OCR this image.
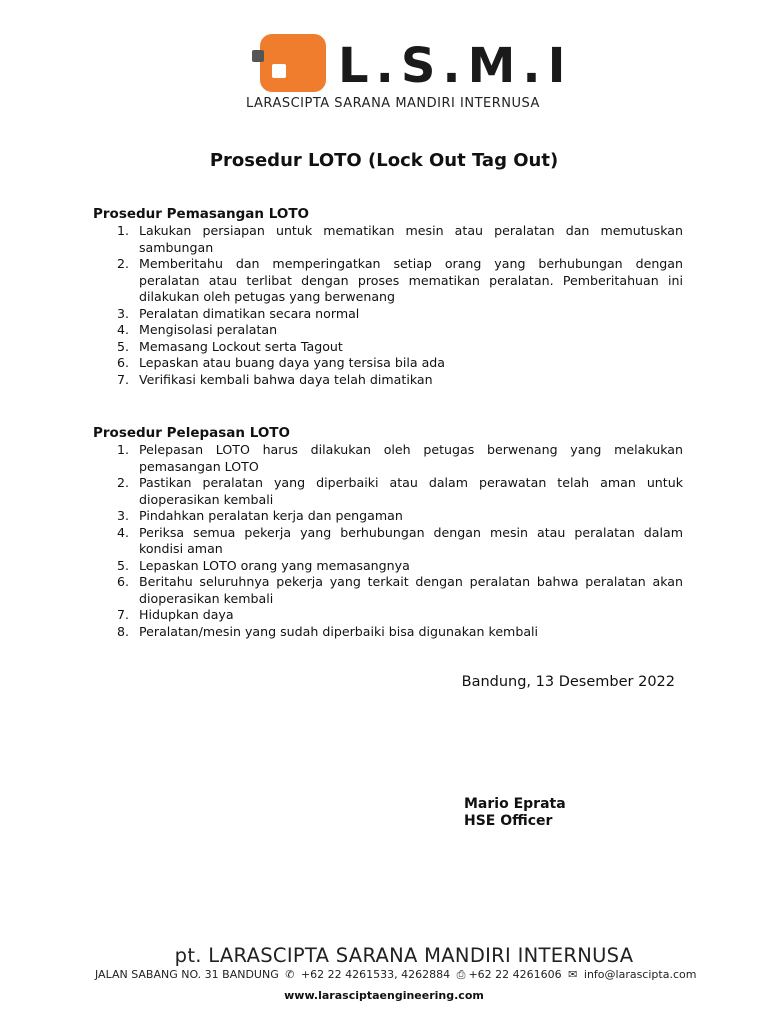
L.S.M.I
LARASCIPTA SARANA MANDIRI INTERNUSA
Prosedur LOTO (Lock Out Tag Out)
Prosedur Pemasangan LOTO
1. Lakukan persiapan untuk mematikan mesin atau peralatan dan memutuskan sambungan
2. Memberitahu dan memperingatkan setiap orang yang berhubungan dengan peralatan atau terlibat dengan proses mematikan peralatan. Pemberitahuan ini dilakukan oleh petugas yang berwenang
3. Peralatan dimatikan secara normal
4. Mengisolasi peralatan
5. Memasang Lockout serta Tagout
6. Lepaskan atau buang daya yang tersisa bila ada
7. Verifikasi kembali bahwa daya telah dimatikan
Prosedur Pelepasan LOTO
1. Pelepasan LOTO harus dilakukan oleh petugas berwenang yang melakukan pemasangan LOTO
2. Pastikan peralatan yang diperbaiki atau dalam perawatan telah aman untuk dioperasikan kembali
3. Pindahkan peralatan kerja dan pengaman
4. Periksa semua pekerja yang berhubungan dengan mesin atau peralatan dalam kondisi aman
5. Lepaskan LOTO orang yang memasangnya
6. Beritahu seluruhnya pekerja yang terkait dengan peralatan bahwa peralatan akan dioperasikan kembali
7. Hidupkan daya
8. Peralatan/mesin yang sudah diperbaiki bisa digunakan kembali
Bandung, 13 Desember 2022
Mario Eprata
HSE Officer
pt. LARASCIPTA SARANA MANDIRI INTERNUSA
JALAN SABANG NO. 31 BANDUNG ✆ +62 22 4261533, 4262884 ⎙ +62 22 4261606 ✉ info@larascipta.com
www.larasciptaengineering.com
